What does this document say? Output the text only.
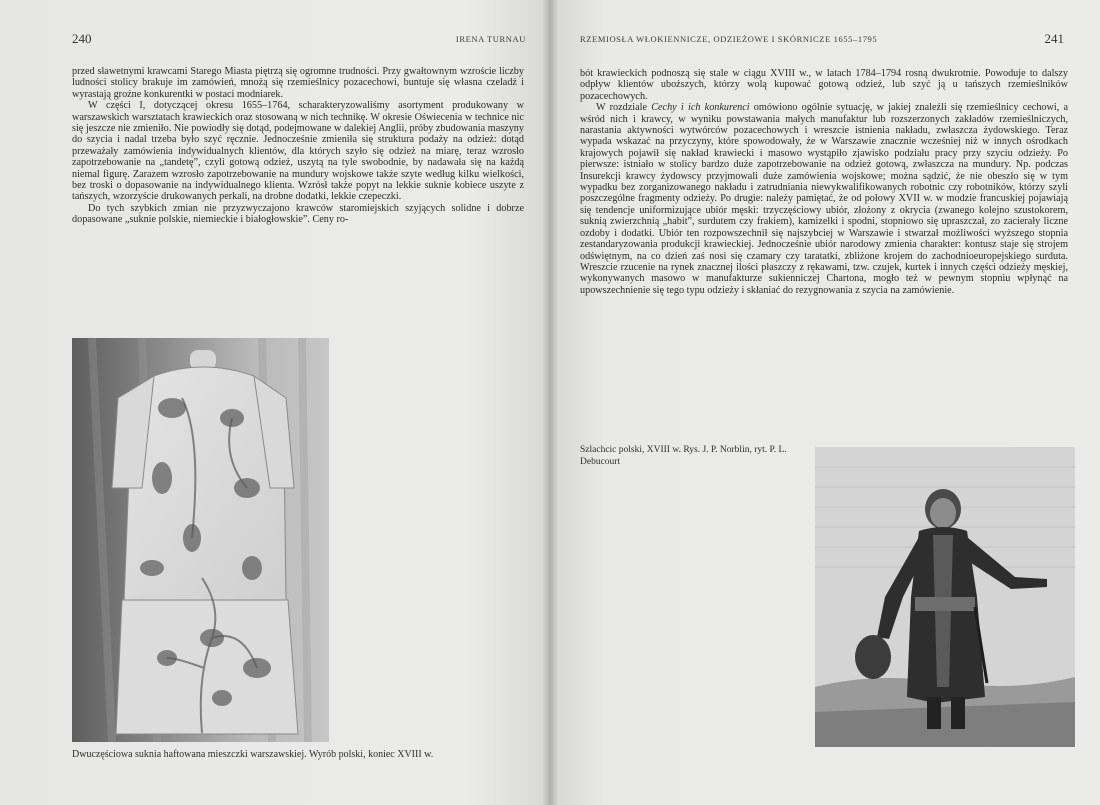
240	IRENA TURNAU

przed sławetnymi krawcami Starego Miasta piętrzą się ogromne trudności. Przy gwałtownym wzroście liczby ludności stolicy brakuje im zamówień, mnożą się rzemieślnicy pozacechowi, buntuje się własna czeladź i wyrastają groźne konkurentki w postaci modniarek.

W części I, dotyczącej okresu 1655–1764, scharakteryzowaliśmy asortyment produkowany w warszawskich warsztatach krawieckich oraz stosowaną w nich technikę. W okresie Oświecenia w technice nic się jeszcze nie zmieniło. Nie powiodły się dotąd, podejmowane w dalekiej Anglii, próby zbudowania maszyny do szycia i nadal trzeba było szyć ręcznie. Jednocześnie zmieniła się struktura podaży na odzież: dotąd przeważały zamówienia indywidualnych klientów, dla których szyło się odzież na miarę, teraz wzrosło zapotrzebowanie na „tandetę”, czyli gotową odzież, uszytą na tyle swobodnie, by nadawała się na każdą niemal figurę. Zarazem wzrosło zapotrzebowanie na mundury wojskowe także szyte według kilku wielkości, bez troski o dopasowanie na indywidualnego klienta. Wzrósł także popyt na lekkie suknie kobiece uszyte z tańszych, wzorzyście drukowanych perkali, na drobne dodatki, lekkie czepeczki.

Do tych szybkich zmian nie przyzwyczajono krawców staromiejskich szyjących solidne i dobrze dopasowane „suknie polskie, niemieckie i białogłowskie”. Ceny ro-

Dwuczęściowa suknia haftowana mieszczki warszawskiej. Wyrób polski, koniec XVIII w.
RZEMIOSŁA WŁOKIENNICZE, ODZIEŻOWE I SKÓRNICZE 1655–1795	241

bót krawieckich podnoszą się stale w ciągu XVIII w., w latach 1784–1794 rosną dwukrotnie. Powoduje to dalszy odpływ klientów uboższych, którzy wolą kupować gotową odzież, lub szyć ją u tańszych rzemieślników pozacechowych.

W rozdziale Cechy i ich konkurenci omówiono ogólnie sytuację, w jakiej znaleźli się rzemieślnicy cechowi, a wśród nich i krawcy, w wyniku powstawania małych manufaktur lub rozszerzonych zakładów rzemieślniczych, narastania aktywności wytwórców pozacechowych i wreszcie istnienia nakładu, zwłaszcza żydowskiego. Teraz wypada wskazać na przyczyny, które spowodowały, że w Warszawie znacznie wcześniej niż w innych ośrodkach krajowych pojawił się nakład krawiecki i masowo wystąpiło zjawisko podziału pracy przy szyciu odzieży. Po pierwsze: istniało w stolicy bardzo duże zapotrzebowanie na odzież gotową, zwłaszcza na mundury. Np. podczas Insurekcji krawcy żydowscy przyjmowali duże zamówienia wojskowe; można sądzić, że nie obeszło się w tym wypadku bez zorganizowanego nakładu i zatrudniania niewykwalifikowanych robotnic czy robotników, którzy szyli poszczególne fragmenty odzieży. Po drugie: należy pamiętać, że od połowy XVII w. w modzie francuskiej pojawiają się tendencje uniformizujące ubiór męski: trzyczęściowy ubiór, złożony z okrycia (zwanego kolejno szustokorem, suknią zwierzchnią „habit”, surdutem czy frakiem), kamizelki i spodni, stopniowo się upraszczał, zo zacierały liczne ozdoby i dodatki. Ubiór ten rozpowszechnił się najszybciej w Warszawie i stwarzał możliwości wyższego stopnia zestandaryzowania produkcji krawieckiej. Jednocześnie ubiór narodowy zmienia charakter: kontusz staje się strojem odświętnym, na co dzień zaś nosi się czamary czy taratatki, zbliżone krojem do zachodnioeuropejskiego surduta. Wreszcie rzucenie na rynek znacznej ilości płaszczy z rękawami, tzw. czujek, kurtek i innych części odzieży męskiej, wykonywanych masowo w manufakturze sukienniczej Chartona, mogło też w pewnym stopniu wpłynąć na upowszechnienie się tego typu odzieży i skłaniać do rezygnowania z szycia na zamówienie.

Szlachcic polski, XVIII w. Rys. J. P. Norblin, ryt. P. L. Debucourt
